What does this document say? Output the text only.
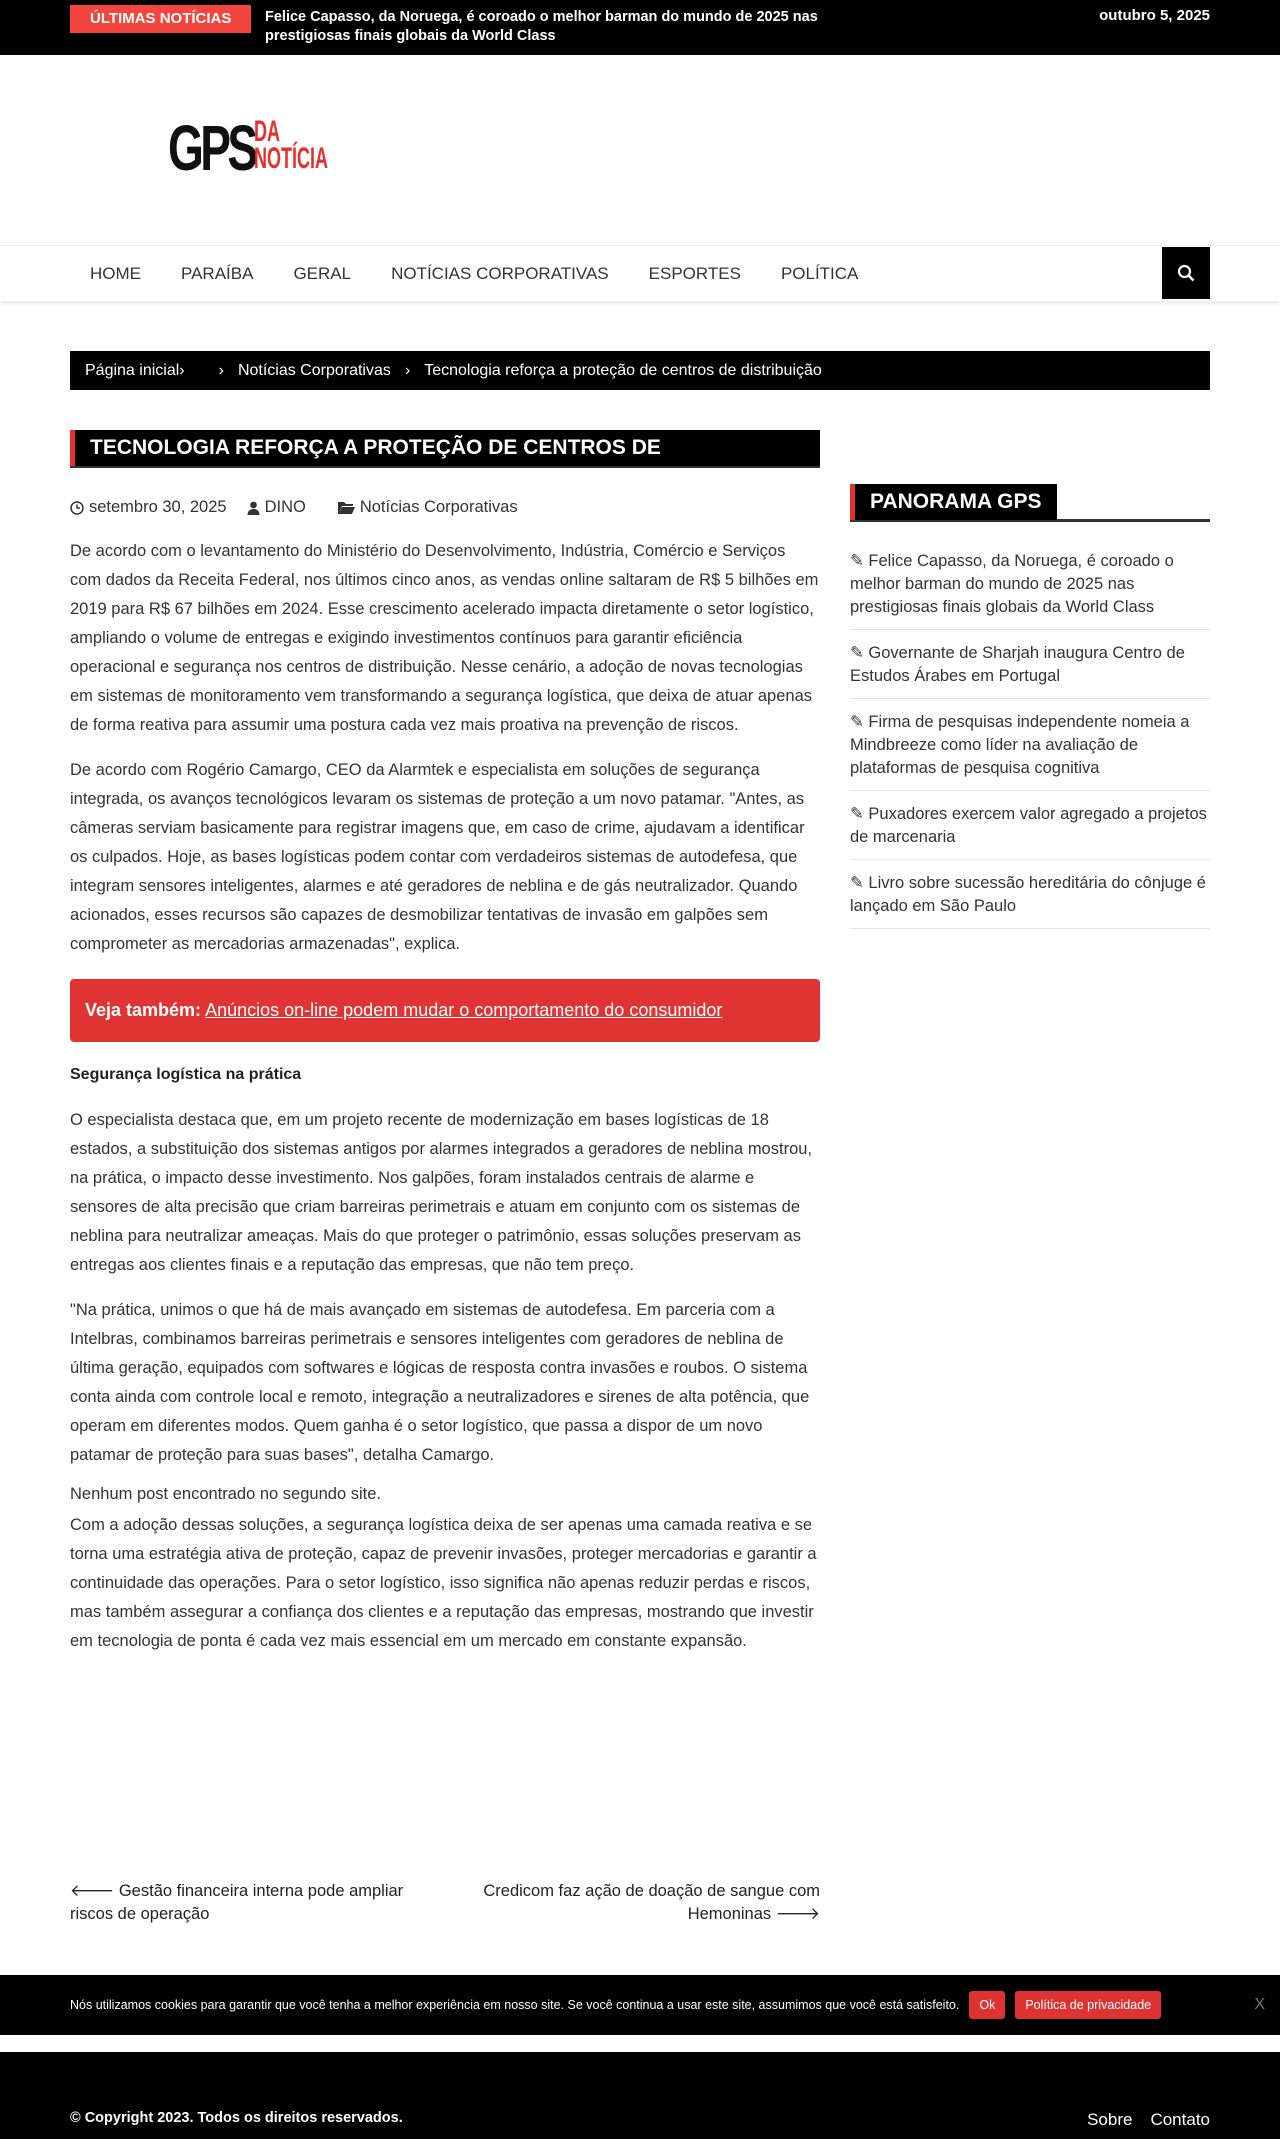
ÚLTIMAS NOTÍCIAS	Felice Capasso, da Noruega, é coroado o melhor barman do mundo de 2025 nas prestigiosas finais globais da World Class
outubro 5, 2025
GPS DA
NOTÍCIA
HOME	PARAÍBA	GERAL	NOTÍCIAS CORPORATIVAS	ESPORTES	POLÍTICA
Página inicial › › Notícias Corporativas › Tecnologia reforça a proteção de centros de distribuição
TECNOLOGIA REFORÇA A PROTEÇÃO DE CENTROS DE DISTRIBUIÇÃO
setembro 30, 2025 DINO	Notícias Corporativas

De acordo com o levantamento do Ministério do Desenvolvimento, Indústria, Comércio e Serviços com dados da Receita Federal, nos últimos cinco anos, as vendas online saltaram de R$ 5 bilhões em 2019 para R$ 67 bilhões em 2024. Esse crescimento acelerado impacta diretamente o setor logístico, ampliando o volume de entregas e exigindo investimentos contínuos para garantir eficiência operacional e segurança nos centros de distribuição. Nesse cenário, a adoção de novas tecnologias em sistemas de monitoramento vem transformando a segurança logística, que deixa de atuar apenas de forma reativa para assumir uma postura cada vez mais proativa na prevenção de riscos.

De acordo com Rogério Camargo, CEO da Alarmtek e especialista em soluções de segurança integrada, os avanços tecnológicos levaram os sistemas de proteção a um novo patamar. "Antes, as câmeras serviam basicamente para registrar imagens que, em caso de crime, ajudavam a identificar os culpados. Hoje, as bases logísticas podem contar com verdadeiros sistemas de autodefesa, que integram sensores inteligentes, alarmes e até geradores de neblina e de gás neutralizador. Quando acionados, esses recursos são capazes de desmobilizar tentativas de invasão em galpões sem comprometer as mercadorias armazenadas", explica.

Veja também: Anúncios on-line podem mudar o comportamento do consumidor
Segurança logística na prática

O especialista destaca que, em um projeto recente de modernização em bases logísticas de 18 estados, a substituição dos sistemas antigos por alarmes integrados a geradores de neblina mostrou, na prática, o impacto desse investimento. Nos galpões, foram instalados centrais de alarme e sensores de alta precisão que criam barreiras perimetrais e atuam em conjunto com os sistemas de neblina para neutralizar ameaças. Mais do que proteger o patrimônio, essas soluções preservam as entregas aos clientes finais e a reputação das empresas, que não tem preço.

"Na prática, unimos o que há de mais avançado em sistemas de autodefesa. Em parceria com a Intelbras, combinamos barreiras perimetrais e sensores inteligentes com geradores de neblina de última geração, equipados com softwares e lógicas de resposta contra invasões e roubos. O sistema conta ainda com controle local e remoto, integração a neutralizadores e sirenes de alta potência, que operam em diferentes modos. Quem ganha é o setor logístico, que passa a dispor de um novo patamar de proteção para suas bases", detalha Camargo.

Nenhum post encontrado no segundo site.

Com a adoção dessas soluções, a segurança logística deixa de ser apenas uma camada reativa e se torna uma estratégia ativa de proteção, capaz de prevenir invasões, proteger mercadorias e garantir a continuidade das operações. Para o setor logístico, isso significa não apenas reduzir perdas e riscos, mas também assegurar a confiança dos clientes e a reputação das empresas, mostrando que investir em tecnologia de ponta é cada vez mais essencial em um mercado em constante expansão.

🡐 Gestão financeira interna pode ampliar riscos de operação
Credicom faz ação de doação de sangue com Hemoninas 🡒
PANORAMA GPS
✎ Felice Capasso, da Noruega, é coroado o melhor barman do mundo de 2025 nas prestigiosas finais globais da World Class
✎ Governante de Sharjah inaugura Centro de Estudos Árabes em Portugal
✎ Firma de pesquisas independente nomeia a Mindbreeze como líder na avaliação de plataformas de pesquisa cognitiva
✎ Puxadores exercem valor agregado a projetos de marcenaria
✎ Livro sobre sucessão hereditária do cônjuge é lançado em São Paulo
Nós utilizamos cookies para garantir que você tenha a melhor experiência em nosso site. Se você continua a usar este site, assumimos que você está satisfeito.	Ok	Política de privacidade	X
© Copyright 2023. Todos os direitos reservados.	Sobre Contato
